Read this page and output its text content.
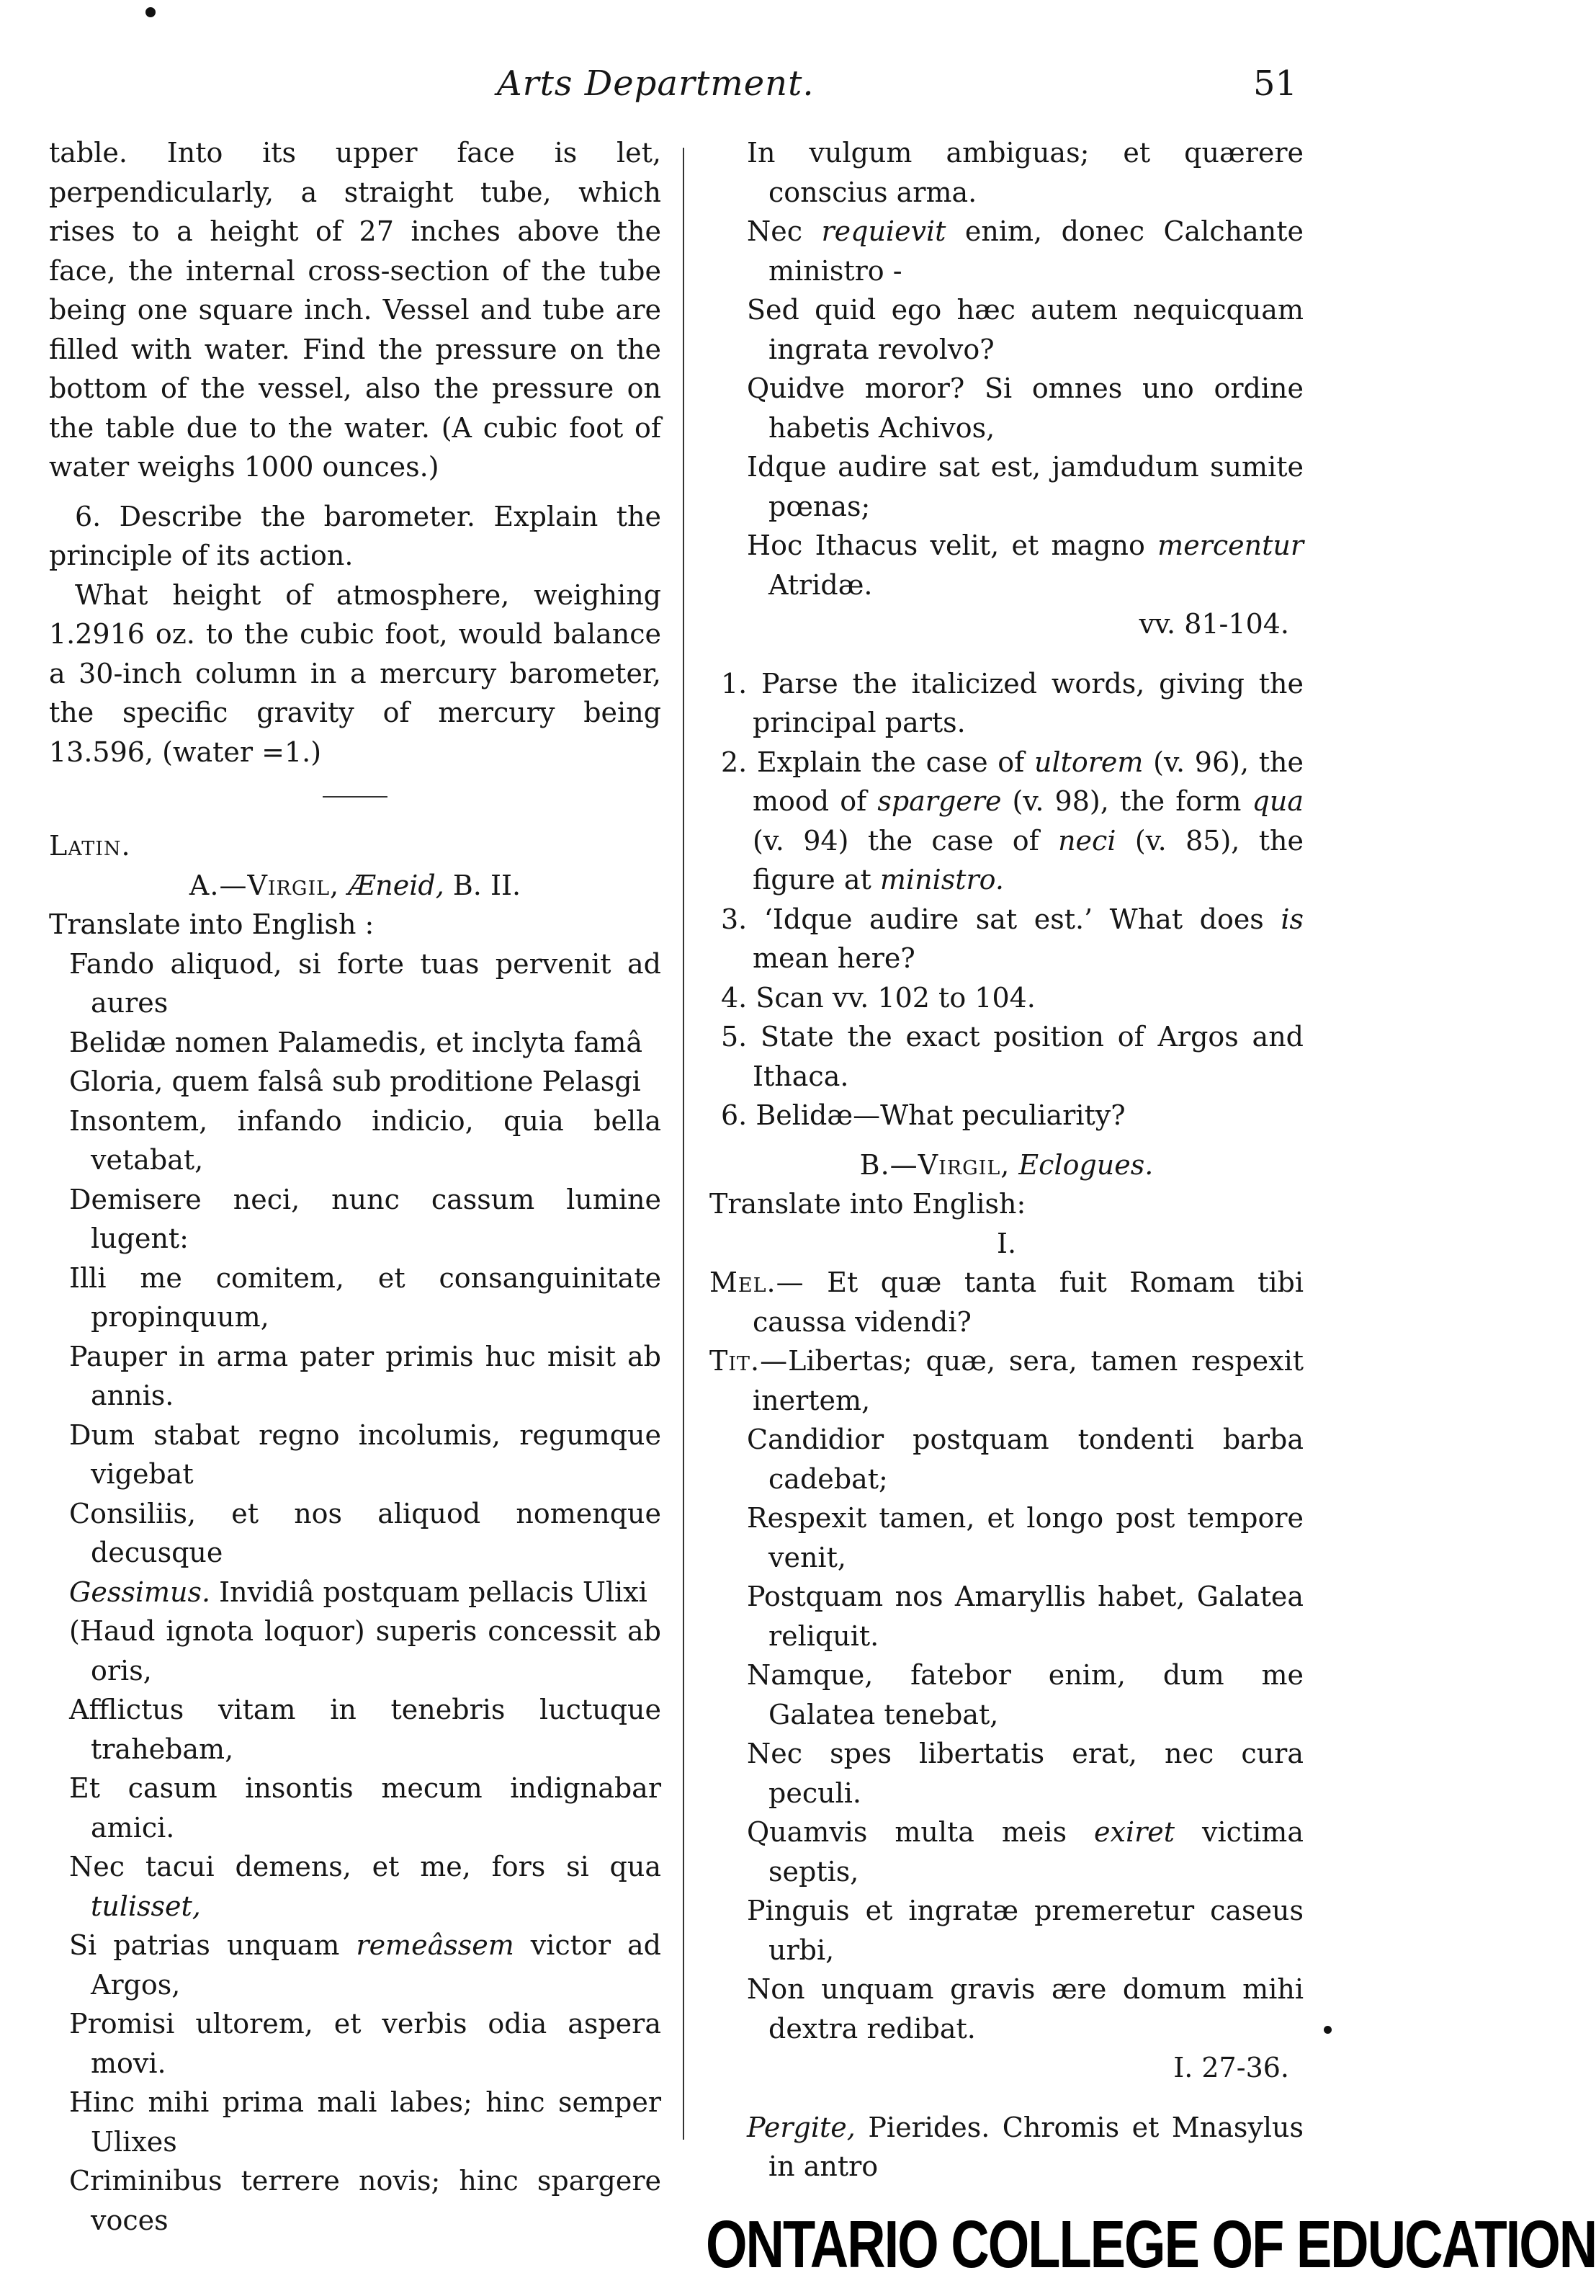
Arts Department.	51
table. Into its upper face is let, perpendicularly, a straight tube, which rises to a height of 27 inches above the face, the internal cross-section of the tube being one square inch. Vessel and tube are filled with water. Find the pressure on the bottom of the vessel, also the pressure on the table due to the water. (A cubic foot of water weighs 1000 ounces.)
6. Describe the barometer. Explain the principle of its action.
What height of atmosphere, weighing 1.2916 oz. to the cubic foot, would balance a 30-inch column in a mercury barometer, the specific gravity of mercury being 13.596, (water =1.)
Latin.
A.—Virgil, Æneid, B. II.
Translate into English :
Fando aliquod, si forte tuas pervenit ad aures
Belidæ nomen Palamedis, et inclyta famâ
Gloria, quem falsâ sub proditione Pelasgi
Insontem, infando indicio, quia bella vetabat,
Demisere neci, nunc cassum lumine lugent:
Illi me comitem, et consanguinitate propinquum,
Pauper in arma pater primis huc misit ab annis.
Dum stabat regno incolumis, regumque vigebat
Consiliis, et nos aliquod nomenque decusque
Gessimus. Invidiâ postquam pellacis Ulixi
(Haud ignota loquor) superis concessit ab oris,
Afflictus vitam in tenebris luctuque trahebam,
Et casum insontis mecum indignabar amici.
Nec tacui demens, et me, fors si qua tulisset,
Si patrias unquam remeâssem victor ad Argos,
Promisi ultorem, et verbis odia aspera movi.
Hinc mihi prima mali labes; hinc semper Ulixes
Criminibus terrere novis; hinc spargere voces
In vulgum ambiguas; et quærere conscius arma.
Nec requievit enim, donec Calchante ministro -
Sed quid ego hæc autem nequicquam ingrata revolvo?
Quidve moror? Si omnes uno ordine habetis Achivos,
Idque audire sat est, jamdudum sumite pœnas;
Hoc Ithacus velit, et magno mercentur Atridæ.
vv. 81-104.
1. Parse the italicized words, giving the principal parts.
2. Explain the case of ultorem (v. 96), the mood of spargere (v. 98), the form qua (v. 94) the case of neci (v. 85), the figure at ministro.
3. ‘Idque audire sat est.’ What does is mean here?
4. Scan vv. 102 to 104.
5. State the exact position of Argos and Ithaca.
6. Belidæ—What peculiarity?
B.—Virgil, Eclogues.
Translate into English:
I.
Mel.— Et quæ tanta fuit Romam tibi caussa videndi?
Tit.—Libertas; quæ, sera, tamen respexit inertem,
Candidior postquam tondenti barba cadebat;
Respexit tamen, et longo post tempore venit,
Postquam nos Amaryllis habet, Galatea reliquit.
Namque, fatebor enim, dum me Galatea tenebat,
Nec spes libertatis erat, nec cura peculi.
Quamvis multa meis exiret victima septis,
Pinguis et ingratæ premeretur caseus urbi,
Non unquam gravis ære domum mihi dextra redibat.
I. 27-36.
Pergite, Pierides. Chromis et Mnasylus in antro
ONTARIO COLLEGE OF EDUCATION
